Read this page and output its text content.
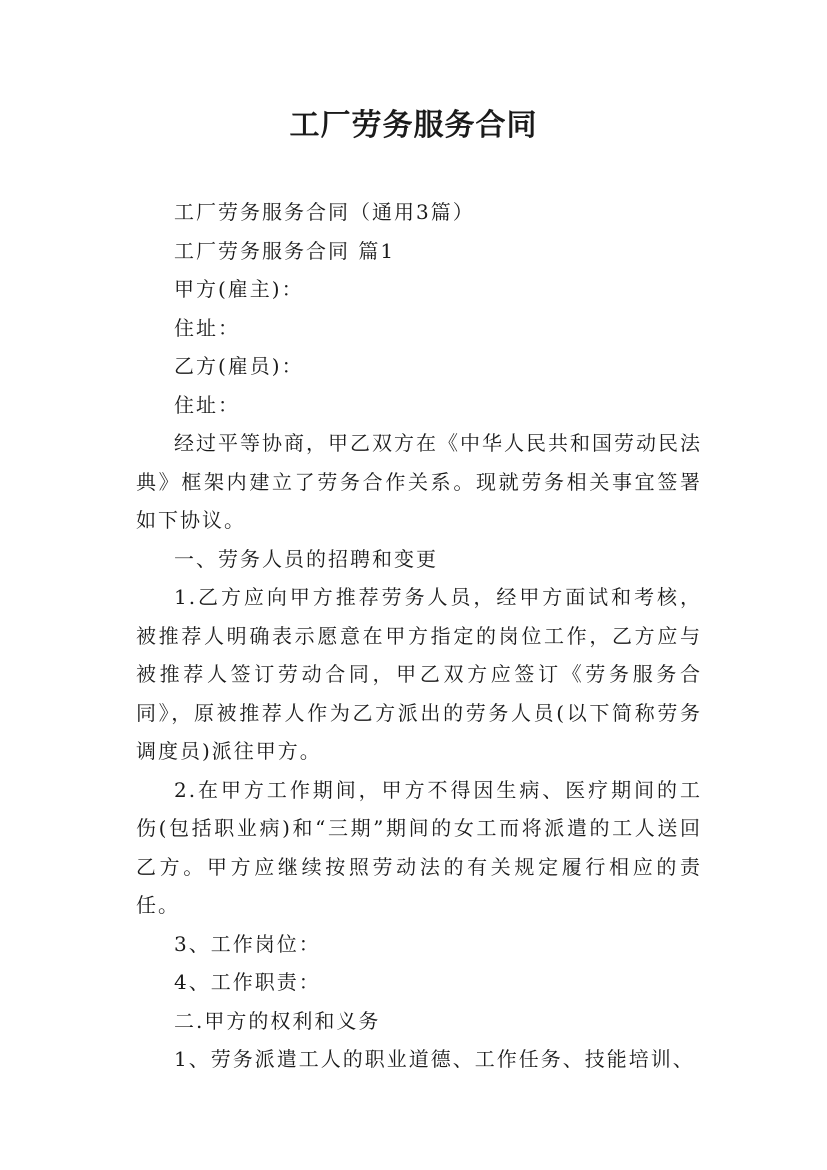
工厂劳务服务合同

工厂劳务服务合同（通用3篇）

工厂劳务服务合同 篇1

甲方(雇主)：

住址：

乙方(雇员)：

住址：

经过平等协商，甲乙双方在《中华人民共和国劳动民法典》框架内建立了劳务合作关系。现就劳务相关事宜签署如下协议。

一、劳务人员的招聘和变更

1.乙方应向甲方推荐劳务人员，经甲方面试和考核，被推荐人明确表示愿意在甲方指定的岗位工作，乙方应与被推荐人签订劳动合同，甲乙双方应签订《劳务服务合同》，原被推荐人作为乙方派出的劳务人员(以下简称劳务调度员)派往甲方。

2.在甲方工作期间，甲方不得因生病、医疗期间的工伤(包括职业病)和“三期”期间的女工而将派遣的工人送回乙方。甲方应继续按照劳动法的有关规定履行相应的责任。

3、工作岗位：

4、工作职责：

二.甲方的权利和义务

1、劳务派遣工人的职业道德、工作任务、技能培训、
